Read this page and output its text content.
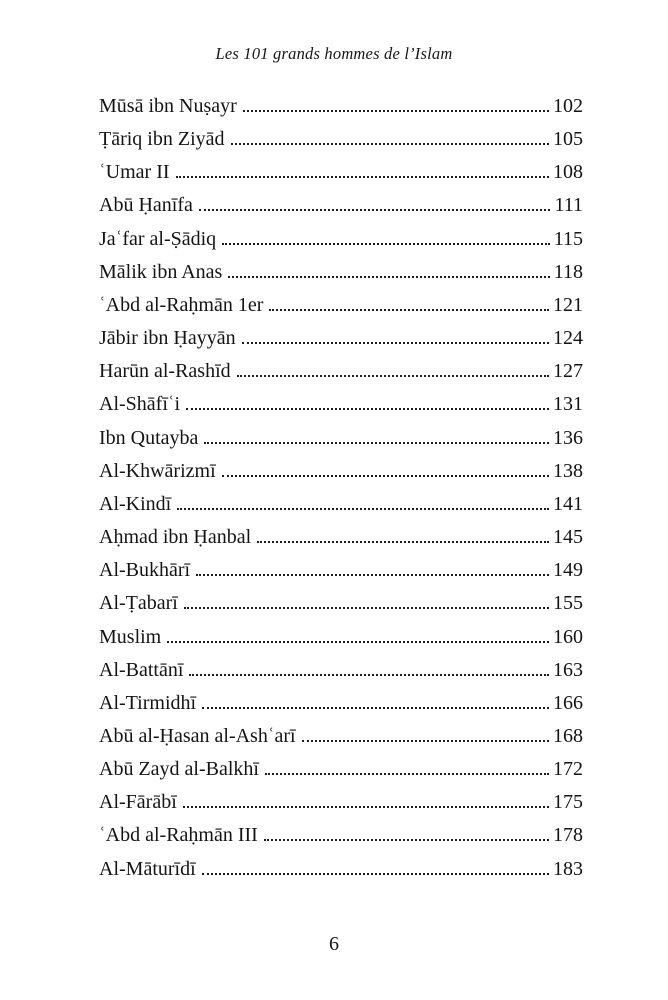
Les 101 grands hommes de l’Islam
Mūsā ibn Nuṣayr	102
Ṭāriq ibn Ziyād	105
ʿUmar II	108
Abū Ḥanīfa	111
Jaʿfar al-Ṣādiq	115
Mālik ibn Anas	118
ʿAbd al-Raḥmān 1er	121
Jābir ibn Ḥayyān	124
Harūn al-Rashīd	127
Al-Shāfīʿi	131
Ibn Qutayba	136
Al-Khwārizmī	138
Al-Kindī	141
Aḥmad ibn Ḥanbal	145
Al-Bukhārī	149
Al-Ṭabarī	155
Muslim	160
Al-Battānī	163
Al-Tirmidhī	166
Abū al-Ḥasan al-Ashʿarī	168
Abū Zayd al-Balkhī	172
Al-Fārābī	175
ʿAbd al-Raḥmān III	178
Al-Māturīdī	183
6
